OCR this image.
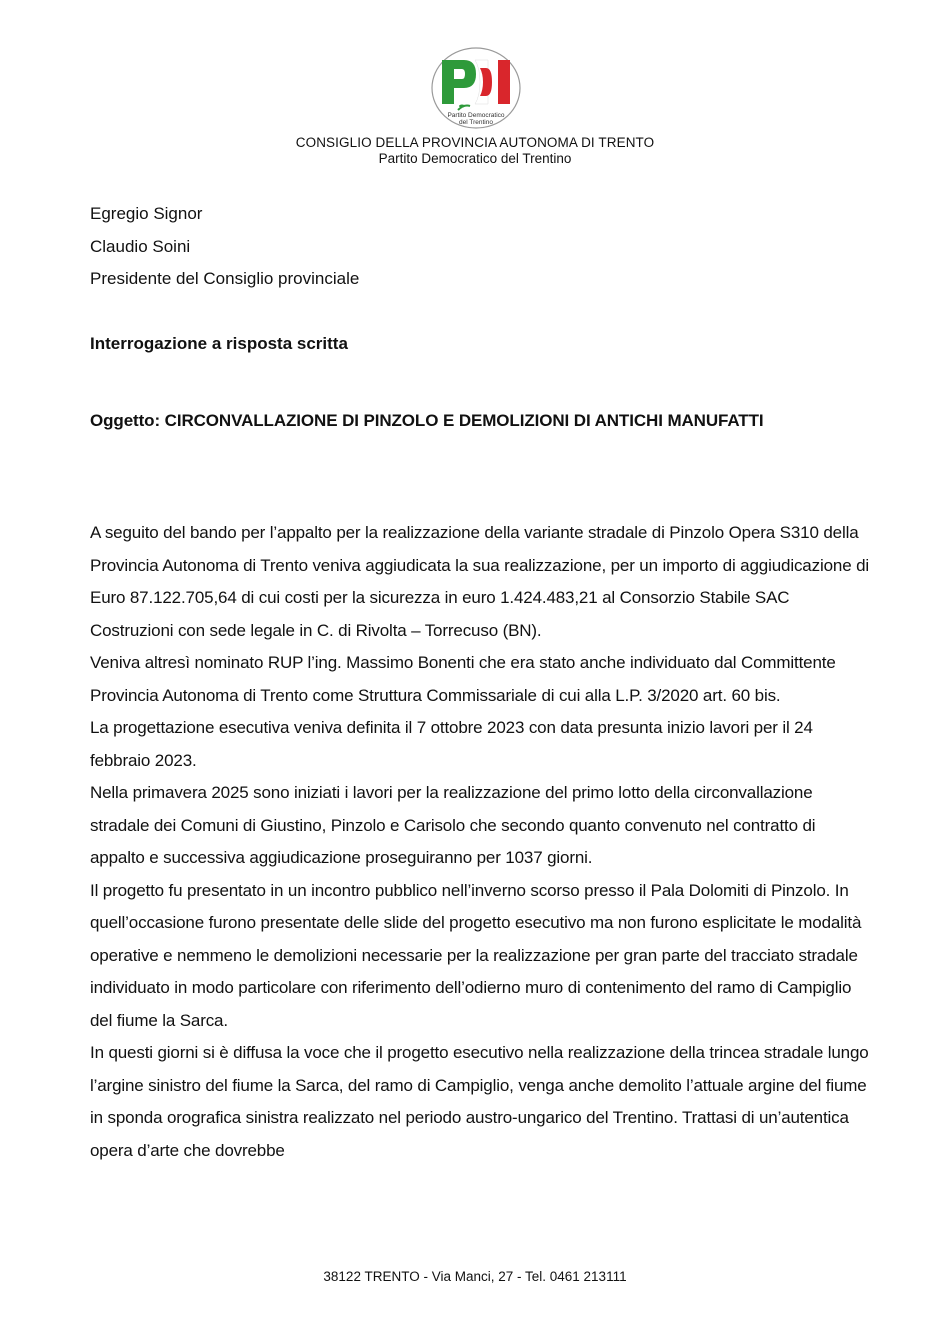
Partito Democratico
del Trentino
CONSIGLIO DELLA PROVINCIA AUTONOMA DI TRENTO
Partito Democratico del Trentino
Egregio Signor
Claudio Soini
Presidente del Consiglio provinciale
Interrogazione a risposta scritta
Oggetto: CIRCONVALLAZIONE DI PINZOLO E DEMOLIZIONI DI ANTICHI MANUFATTI

A seguito del bando per l’appalto per la realizzazione della variante stradale di Pinzolo Opera S310 della Provincia Autonoma di Trento veniva aggiudicata la sua realizzazione, per un importo di aggiudicazione di Euro 87.122.705,64 di cui costi per la sicurezza in euro 1.424.483,21 al Consorzio Stabile SAC Costruzioni con sede legale in C. di Rivolta – Torrecuso (BN).

Veniva altresì nominato RUP l’ing. Massimo Bonenti che era stato anche individuato dal Committente Provincia Autonoma di Trento come Struttura Commissariale di cui alla L.P. 3/2020 art. 60 bis.

La progettazione esecutiva veniva definita il 7 ottobre 2023 con data presunta inizio lavori per il 24 febbraio 2023.

Nella primavera 2025 sono iniziati i lavori per la realizzazione del primo lotto della circonvallazione stradale dei Comuni di Giustino, Pinzolo e Carisolo che secondo quanto convenuto nel contratto di appalto e successiva aggiudicazione proseguiranno per 1037 giorni.

Il progetto fu presentato in un incontro pubblico nell’inverno scorso presso il Pala Dolomiti di Pinzolo. In quell’occasione furono presentate delle slide del progetto esecutivo ma non furono esplicitate le modalità operative e nemmeno le demolizioni necessarie per la realizzazione per gran parte del tracciato stradale individuato in modo particolare con riferimento dell’odierno muro di contenimento del ramo di Campiglio del fiume la Sarca.

In questi giorni si è diffusa la voce che il progetto esecutivo nella realizzazione della trincea stradale lungo l’argine sinistro del fiume la Sarca, del ramo di Campiglio, venga anche demolito l’attuale argine del fiume in sponda orografica sinistra realizzato nel periodo austro-ungarico del Trentino. Trattasi di un’autentica opera d’arte che dovrebbe

38122 TRENTO - Via Manci, 27 - Tel. 0461 213111
